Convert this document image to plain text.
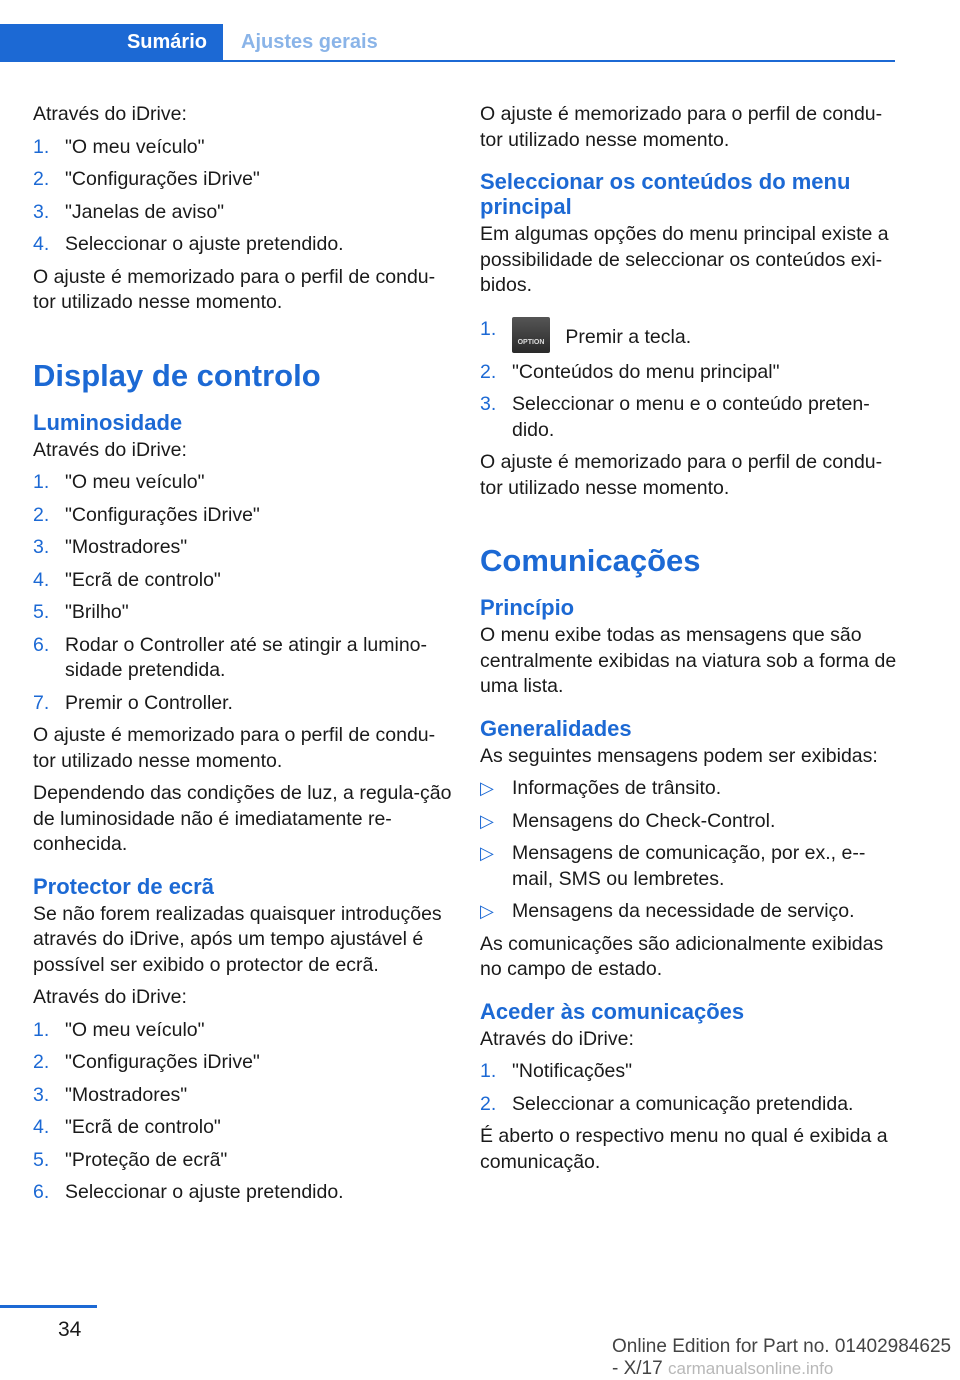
Sumário	Ajustes gerais

Através do iDrive:

1. "O meu veículo"
2. "Configurações iDrive"
3. "Janelas de aviso"
4. Seleccionar o ajuste pretendido.

O ajuste é memorizado para o perfil de condu-tor utilizado nesse momento.

Display de controlo
Luminosidade

Através do iDrive:

1. "O meu veículo"
2. "Configurações iDrive"
3. "Mostradores"
4. "Ecrã de controlo"
5. "Brilho"
6. Rodar o Controller até se atingir a lumino-sidade pretendida.
7. Premir o Controller.

O ajuste é memorizado para o perfil de condu-tor utilizado nesse momento.

Dependendo das condições de luz, a regula-ção de luminosidade não é imediatamente re-conhecida.

Protector de ecrã

Se não forem realizadas quaisquer introduções através do iDrive, após um tempo ajustável é possível ser exibido o protector de ecrã.

Através do iDrive:

1. "O meu veículo"
2. "Configurações iDrive"
3. "Mostradores"
4. "Ecrã de controlo"
5. "Proteção de ecrã"
6. Seleccionar o ajuste pretendido.

O ajuste é memorizado para o perfil de condu-tor utilizado nesse momento.

Seleccionar os conteúdos do menu principal

Em algumas opções do menu principal existe a possibilidade de seleccionar os conteúdos exi-bidos.

1.
OPTION Premir a tecla.
2. "Conteúdos do menu principal"
3. Seleccionar o menu e o conteúdo preten-dido.

O ajuste é memorizado para o perfil de condu-tor utilizado nesse momento.

Comunicações
Princípio

O menu exibe todas as mensagens que são centralmente exibidas na viatura sob a forma de uma lista.

Generalidades

As seguintes mensagens podem ser exibidas:

▷ Informações de trânsito.
▷ Mensagens do Check-Control.
▷ Mensagens de comunicação, por ex., e--mail, SMS ou lembretes.
▷ Mensagens da necessidade de serviço.

As comunicações são adicionalmente exibidas no campo de estado.

Aceder às comunicações

Através do iDrive:

1. "Notificações"
2. Seleccionar a comunicação pretendida.

É aberto o respectivo menu no qual é exibida a comunicação.

34
Online Edition for Part no. 01402984625 - X/17 carmanualsonline.info
